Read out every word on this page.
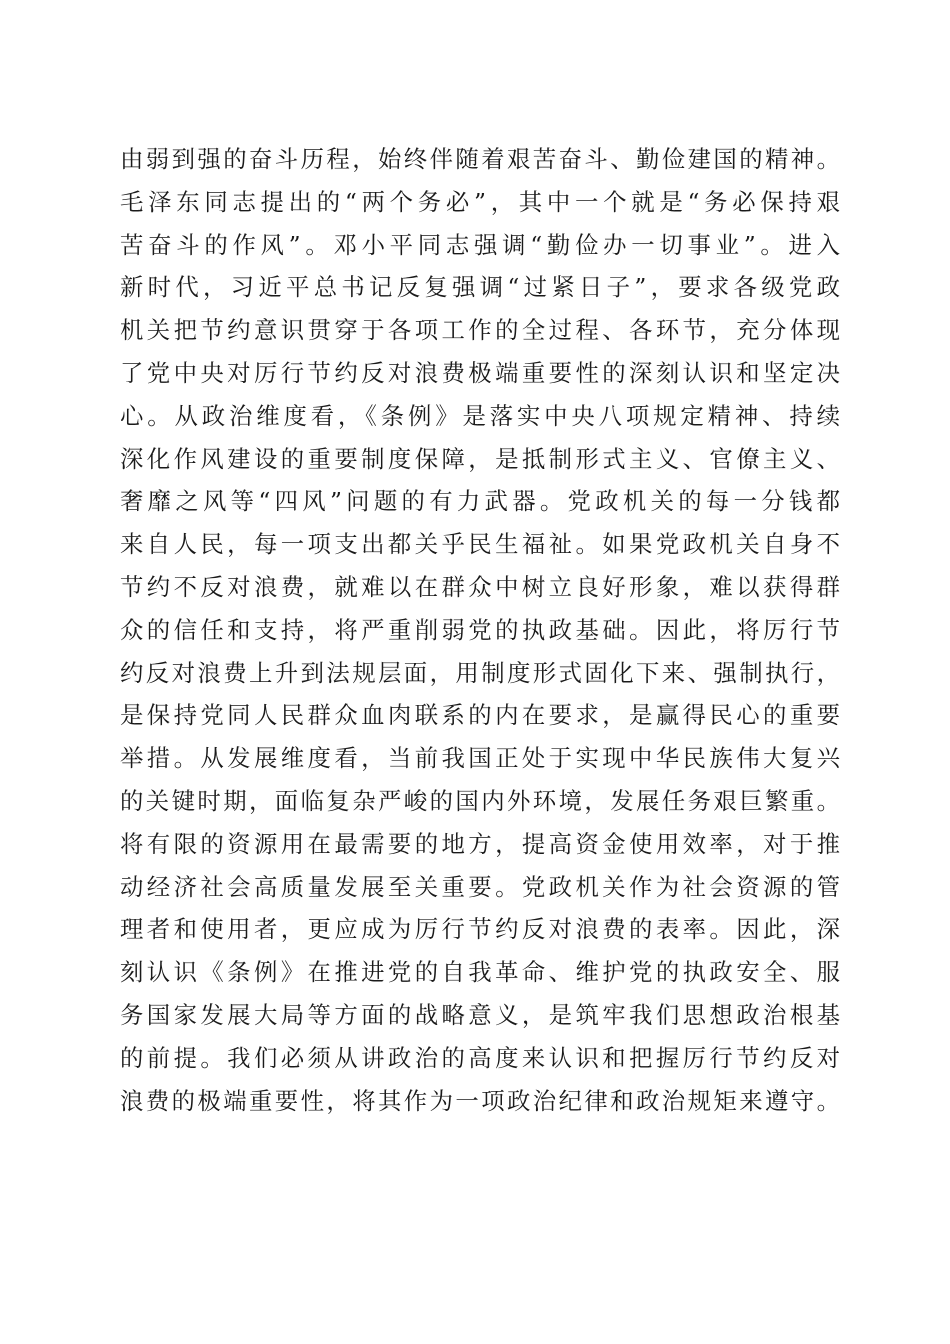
由弱到强的奋斗历程，始终伴随着艰苦奋斗、勤俭建国的精神。
毛泽东同志提出的“两个务必”，其中一个就是“务必保持艰
苦奋斗的作风”。邓小平同志强调“勤俭办一切事业”。进入
新时代，习近平总书记反复强调“过紧日子”，要求各级党政
机关把节约意识贯穿于各项工作的全过程、各环节，充分体现
了党中央对厉行节约反对浪费极端重要性的深刻认识和坚定决
心。从政治维度看，《条例》是落实中央八项规定精神、持续
深化作风建设的重要制度保障，是抵制形式主义、官僚主义、
奢靡之风等“四风”问题的有力武器。党政机关的每一分钱都
来自人民，每一项支出都关乎民生福祉。如果党政机关自身不
节约不反对浪费，就难以在群众中树立良好形象，难以获得群
众的信任和支持，将严重削弱党的执政基础。因此，将厉行节
约反对浪费上升到法规层面，用制度形式固化下来、强制执行，
是保持党同人民群众血肉联系的内在要求，是赢得民心的重要
举措。从发展维度看，当前我国正处于实现中华民族伟大复兴
的关键时期，面临复杂严峻的国内外环境，发展任务艰巨繁重。
将有限的资源用在最需要的地方，提高资金使用效率，对于推
动经济社会高质量发展至关重要。党政机关作为社会资源的管
理者和使用者，更应成为厉行节约反对浪费的表率。因此，深
刻认识《条例》在推进党的自我革命、维护党的执政安全、服
务国家发展大局等方面的战略意义，是筑牢我们思想政治根基
的前提。我们必须从讲政治的高度来认识和把握厉行节约反对
浪费的极端重要性，将其作为一项政治纪律和政治规矩来遵守。
